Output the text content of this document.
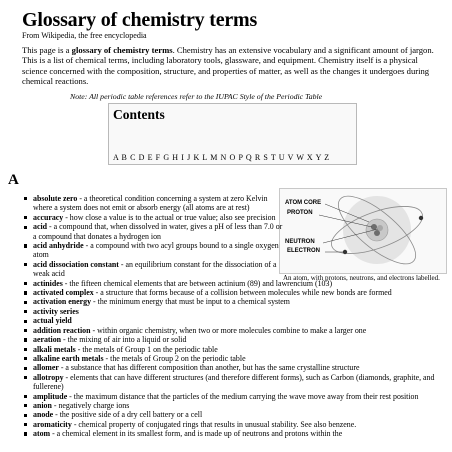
Glossary of chemistry terms
From Wikipedia, the free encyclopedia

This page is a glossary of chemistry terms. Chemistry has an extensive vocabulary and a significant amount of jargon. This is a list of chemical terms, including laboratory tools, glassware, and equipment. Chemistry itself is a physical science concerned with the composition, structure, and properties of matter, as well as the changes it undergoes during chemical reactions.

Note: All periodic table references refer to the IUPAC Style of the Periodic Table
Contents
A B C D E F G H I J K L M N O P Q R S T U V W X Y Z
A
ATOM CORE
PROTON
NEUTRON
ELECTRON
An atom, with protons, neutrons, and electrons labelled.
absolute zero - a theoretical condition concerning a system at zero Kelvin where a system does not emit or absorb energy (all atoms are at rest)
accuracy - how close a value is to the actual or true value; also see precision
acid - a compound that, when dissolved in water, gives a pH of less than 7.0 or a compound that donates a hydrogen ion
acid anhydride - a compound with two acyl groups bound to a single oxygen atom
acid dissociation constant - an equilibrium constant for the dissociation of a weak acid
actinides - the fifteen chemical elements that are between actinium (89) and lawrencium (103)
activated complex - a structure that forms because of a collision between molecules while new bonds are formed
activation energy - the minimum energy that must be input to a chemical system
activity series
actual yield
addition reaction - within organic chemistry, when two or more molecules combine to make a larger one
aeration - the mixing of air into a liquid or solid
alkali metals - the metals of Group 1 on the periodic table
alkaline earth metals - the metals of Group 2 on the periodic table
allomer - a substance that has different composition than another, but has the same crystalline structure
allotropy - elements that can have different structures (and therefore different forms), such as Carbon (diamonds, graphite, and fullerene)
amplitude - the maximum distance that the particles of the medium carrying the wave move away from their rest position
anion - negatively charge ions
anode - the positive side of a dry cell battery or a cell
aromaticity - chemical property of conjugated rings that results in unusual stability. See also benzene.
atom - a chemical element in its smallest form, and is made up of neutrons and protons within the
